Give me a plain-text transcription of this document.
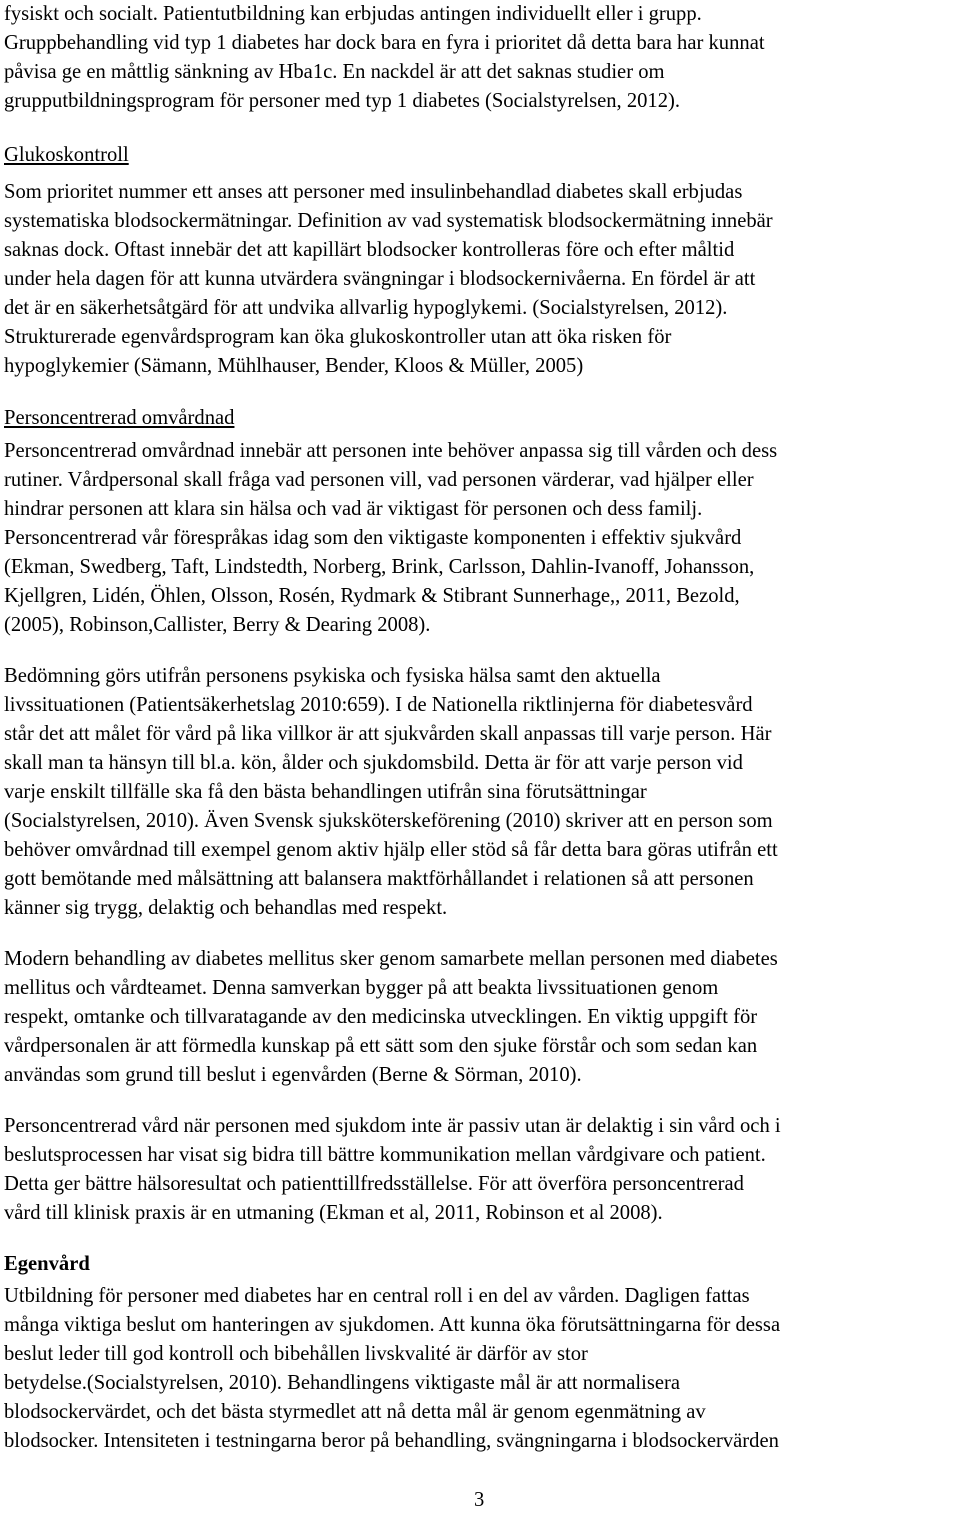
fysiskt och socialt. Patientutbildning kan erbjudas antingen individuellt eller i grupp.
Gruppbehandling vid typ 1 diabetes har dock bara en fyra i prioritet då detta bara har kunnat
påvisa ge en måttlig sänkning av Hba1c. En nackdel är att det saknas studier om
grupputbildningsprogram för personer med typ 1 diabetes (Socialstyrelsen, 2012).
Glukoskontroll
Som prioritet nummer ett anses att personer med insulinbehandlad diabetes skall erbjudas
systematiska blodsockermätningar. Definition av vad systematisk blodsockermätning innebär
saknas dock. Oftast innebär det att kapillärt blodsocker kontrolleras före och efter måltid
under hela dagen för att kunna utvärdera svängningar i blodsockernivåerna. En fördel är att
det är en säkerhetsåtgärd för att undvika allvarlig hypoglykemi. (Socialstyrelsen, 2012).
Strukturerade egenvårdsprogram kan öka glukoskontroller utan att öka risken för
hypoglykemier (Sämann, Mühlhauser, Bender, Kloos & Müller, 2005)
Personcentrerad omvårdnad
Personcentrerad omvårdnad innebär att personen inte behöver anpassa sig till vården och dess
rutiner. Vårdpersonal skall fråga vad personen vill, vad personen värderar, vad hjälper eller
hindrar personen att klara sin hälsa och vad är viktigast för personen och dess familj.
Personcentrerad vår förespråkas idag som den viktigaste komponenten i effektiv sjukvård
(Ekman, Swedberg, Taft, Lindstedth, Norberg, Brink, Carlsson, Dahlin-Ivanoff, Johansson,
Kjellgren, Lidén, Öhlen, Olsson, Rosén, Rydmark & Stibrant Sunnerhage,, 2011, Bezold,
(2005), Robinson,Callister, Berry & Dearing 2008).
Bedömning görs utifrån personens psykiska och fysiska hälsa samt den aktuella
livssituationen (Patientsäkerhetslag 2010:659). I de Nationella riktlinjerna för diabetesvård
står det att målet för vård på lika villkor är att sjukvården skall anpassas till varje person. Här
skall man ta hänsyn till bl.a. kön, ålder och sjukdomsbild. Detta är för att varje person vid
varje enskilt tillfälle ska få den bästa behandlingen utifrån sina förutsättningar
(Socialstyrelsen, 2010). Även Svensk sjuksköterskeförening (2010) skriver att en person som
behöver omvårdnad till exempel genom aktiv hjälp eller stöd så får detta bara göras utifrån ett
gott bemötande med målsättning att balansera maktförhållandet i relationen så att personen
känner sig trygg, delaktig och behandlas med respekt.
Modern behandling av diabetes mellitus sker genom samarbete mellan personen med diabetes
mellitus och vårdteamet. Denna samverkan bygger på att beakta livssituationen genom
respekt, omtanke och tillvaratagande av den medicinska utvecklingen. En viktig uppgift för
vårdpersonalen är att förmedla kunskap på ett sätt som den sjuke förstår och som sedan kan
användas som grund till beslut i egenvården (Berne & Sörman, 2010).
Personcentrerad vård när personen med sjukdom inte är passiv utan är delaktig i sin vård och i
beslutsprocessen har visat sig bidra till bättre kommunikation mellan vårdgivare och patient.
Detta ger bättre hälsoresultat och patienttillfredsställelse. För att överföra personcentrerad
vård till klinisk praxis är en utmaning (Ekman et al, 2011, Robinson et al 2008).
Egenvård
Utbildning för personer med diabetes har en central roll i en del av vården. Dagligen fattas
många viktiga beslut om hanteringen av sjukdomen. Att kunna öka förutsättningarna för dessa
beslut leder till god kontroll och bibehållen livskvalité är därför av stor
betydelse.(Socialstyrelsen, 2010). Behandlingens viktigaste mål är att normalisera
blodsockervärdet, och det bästa styrmedlet att nå detta mål är genom egenmätning av
blodsocker. Intensiteten i testningarna beror på behandling, svängningarna i blodsockervärden
3
